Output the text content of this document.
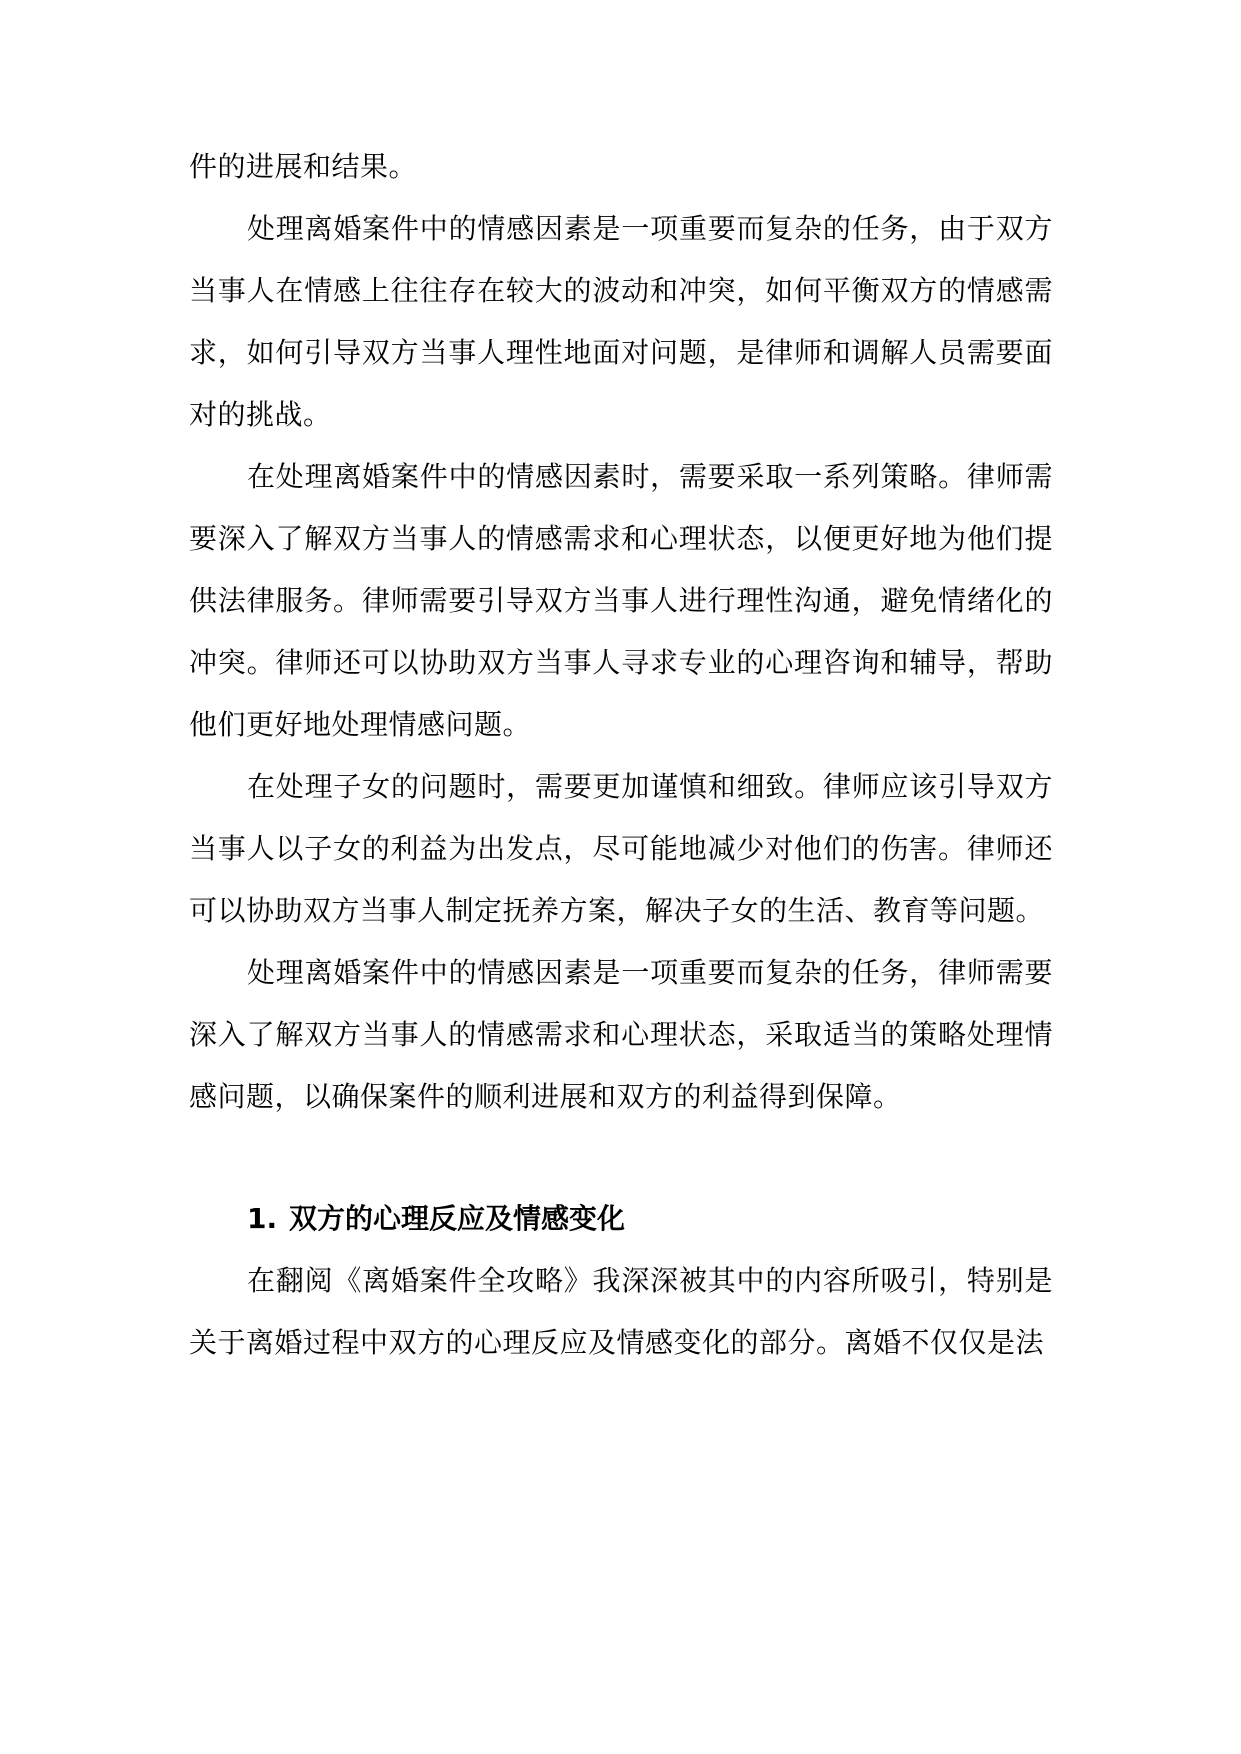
件的进展和结果。

处理离婚案件中的情感因素是一项重要而复杂的任务，由于双方当事人在情感上往往存在较大的波动和冲突，如何平衡双方的情感需求，如何引导双方当事人理性地面对问题，是律师和调解人员需要面对的挑战。

在处理离婚案件中的情感因素时，需要采取一系列策略。律师需要深入了解双方当事人的情感需求和心理状态，以便更好地为他们提供法律服务。律师需要引导双方当事人进行理性沟通，避免情绪化的冲突。律师还可以协助双方当事人寻求专业的心理咨询和辅导，帮助他们更好地处理情感问题。

在处理子女的问题时，需要更加谨慎和细致。律师应该引导双方当事人以子女的利益为出发点，尽可能地减少对他们的伤害。律师还可以协助双方当事人制定抚养方案，解决子女的生活、教育等问题。

处理离婚案件中的情感因素是一项重要而复杂的任务，律师需要深入了解双方当事人的情感需求和心理状态，采取适当的策略处理情感问题，以确保案件的顺利进展和双方的利益得到保障。

1. 双方的心理反应及情感变化

在翻阅《离婚案件全攻略》我深深被其中的内容所吸引，特别是关于离婚过程中双方的心理反应及情感变化的部分。离婚不仅仅是法
